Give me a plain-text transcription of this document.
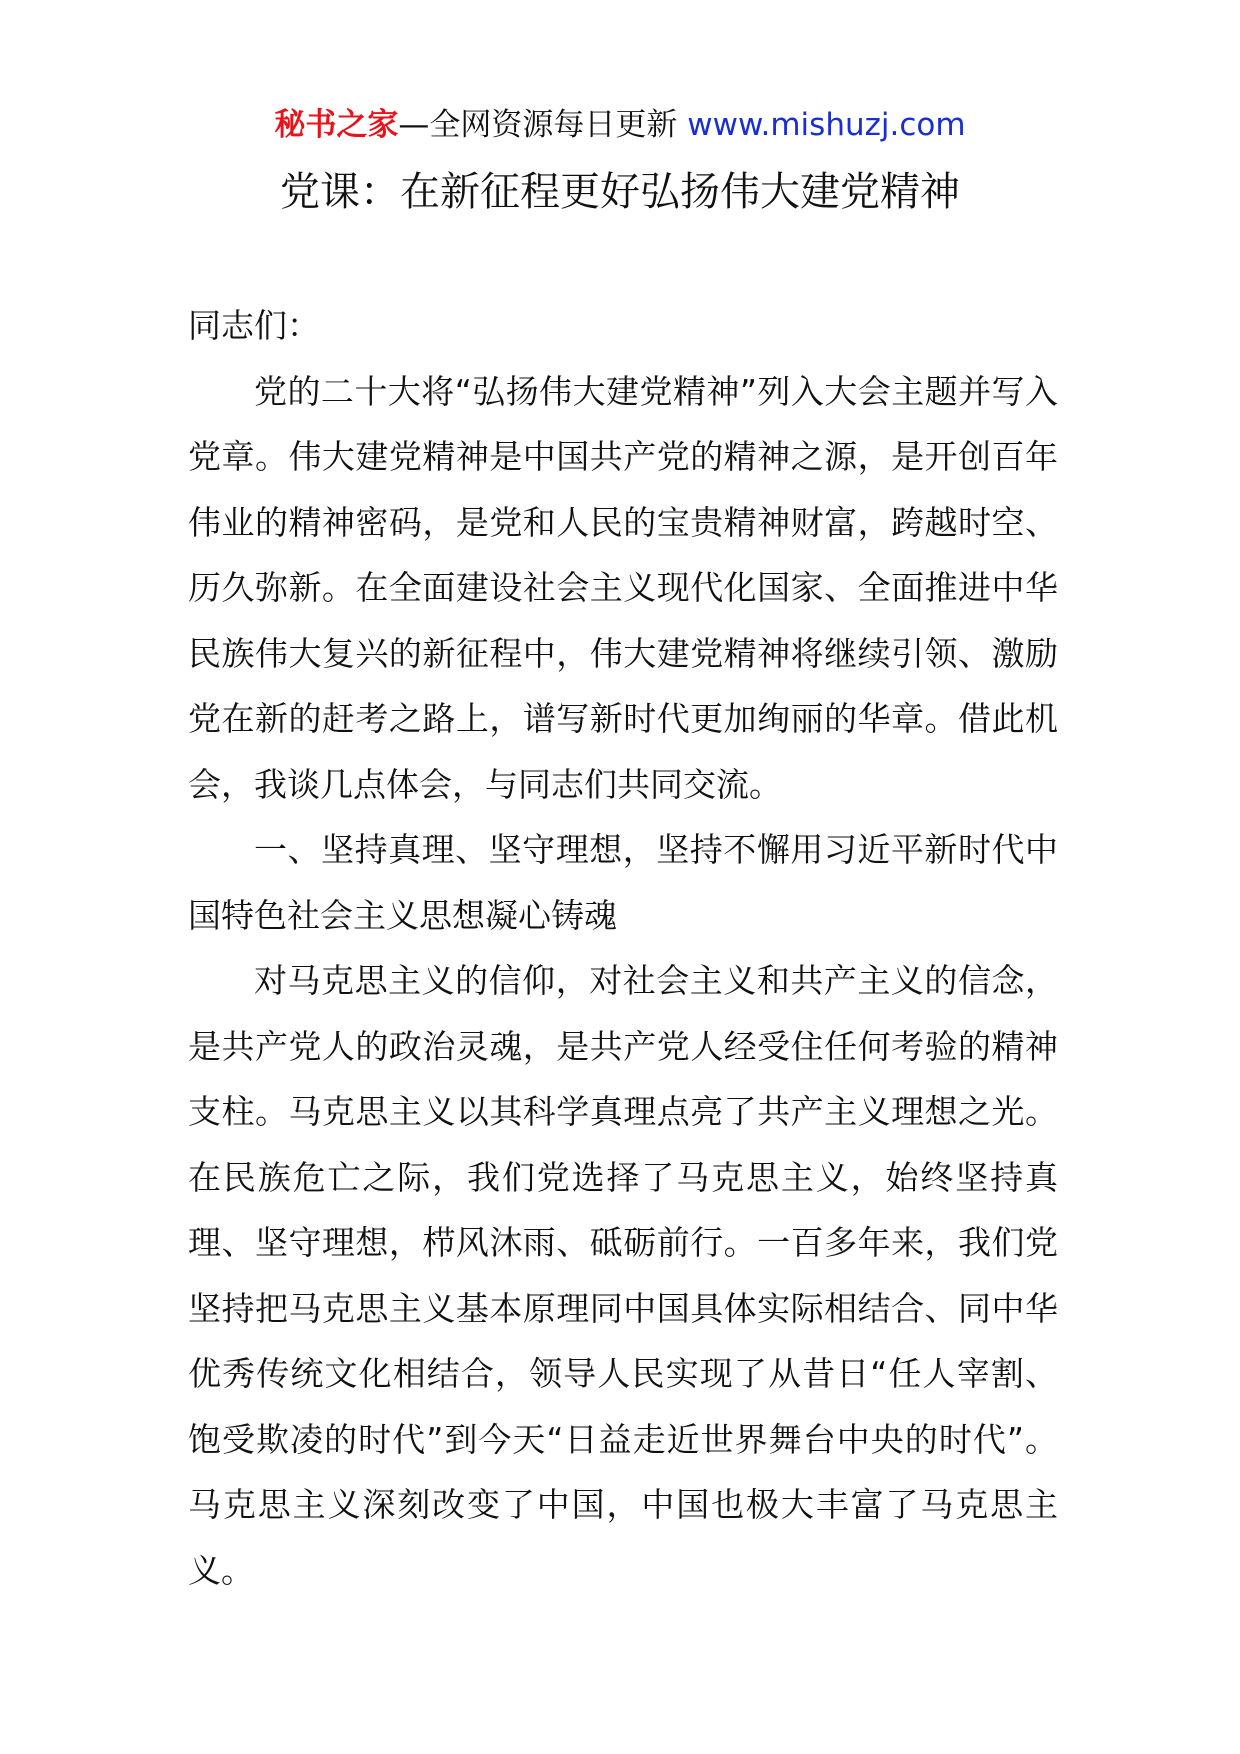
秘书之家—全网资源每日更新 www.mishuzj.com
党课：在新征程更好弘扬伟大建党精神

同志们：

党的二十大将“弘扬伟大建党精神”列入大会主题并写入党章。伟大建党精神是中国共产党的精神之源，是开创百年伟业的精神密码，是党和人民的宝贵精神财富，跨越时空、历久弥新。在全面建设社会主义现代化国家、全面推进中华民族伟大复兴的新征程中，伟大建党精神将继续引领、激励党在新的赶考之路上，谱写新时代更加绚丽的华章。借此机会，我谈几点体会，与同志们共同交流。

一、坚持真理、坚守理想，坚持不懈用习近平新时代中国特色社会主义思想凝心铸魂

对马克思主义的信仰，对社会主义和共产主义的信念，是共产党人的政治灵魂，是共产党人经受住任何考验的精神支柱。马克思主义以其科学真理点亮了共产主义理想之光。在民族危亡之际，我们党选择了马克思主义，始终坚持真理、坚守理想，栉风沐雨、砥砺前行。一百多年来，我们党坚持把马克思主义基本原理同中国具体实际相结合、同中华优秀传统文化相结合，领导人民实现了从昔日“任人宰割、饱受欺凌的时代”到今天“日益走近世界舞台中央的时代”。马克思主义深刻改变了中国，中国也极大丰富了马克思主义。
